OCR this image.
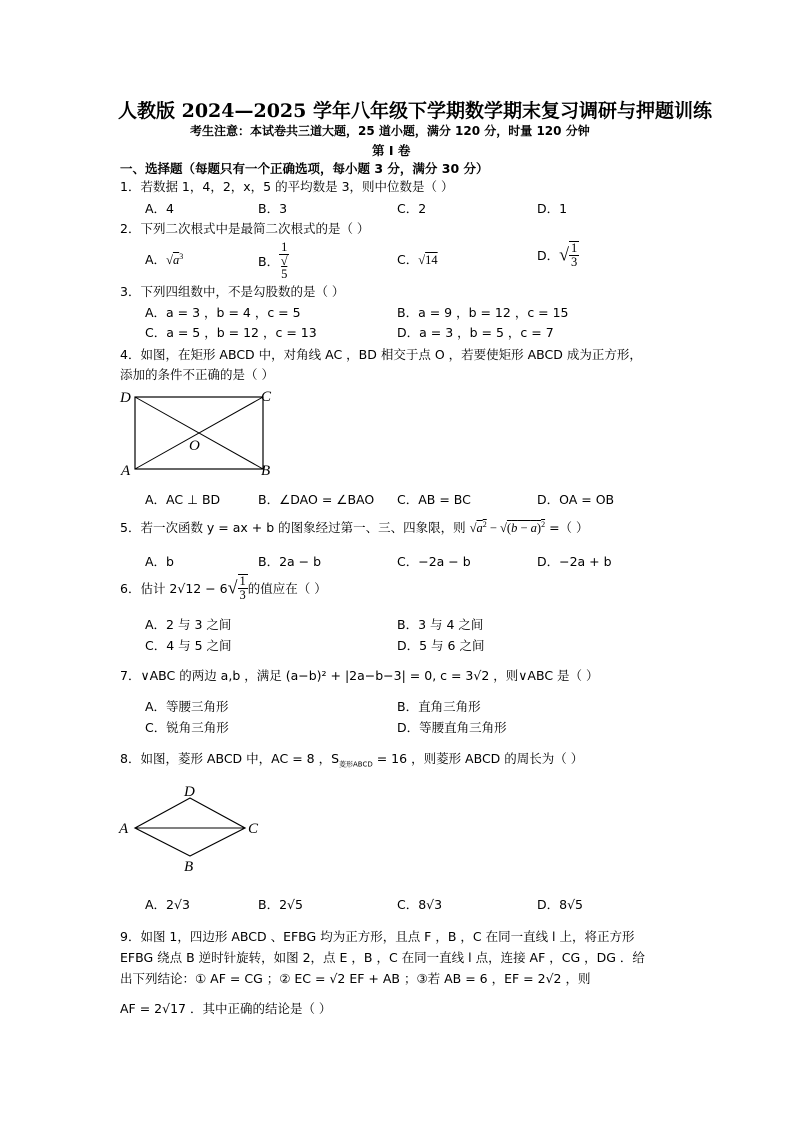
人教版 2024—2025 学年八年级下学期数学期末复习调研与押题训练
考生注意：本试卷共三道大题，25 道小题，满分 120 分，时量 120 分钟
第 I 卷
一、选择题（每题只有一个正确选项，每小题 3 分，满分 30 分）
1．若数据 1，4，2，x，5 的平均数是 3，则中位数是（ ）
A．4	B．3	C．2	D．1
2．下列二次根式中是最简二次根式的是（ ）
A．$√a^3$	B． 1
√
5	C．√14	D．√ $\frac{1}{3}$
3．下列四组数中，不是勾股数的是（ ）
A．a = 3 ，b = 4 ，c = 5	B．a = 9 ，b = 12 ，c = 15
C．a = 5 ，b = 12 ，c = 13	D．a = 3 ，b = 5 ，c = 7
4．如图，在矩形 ABCD 中，对角线 AC ，BD 相交于点 O ，若要使矩形 ABCD 成为正方形，
添加的条件不正确的是（ ）
D	C
O
A	B
A．AC ⊥ BD	B．∠DAO = ∠BAO C．AB = BC	D．OA = OB
5．若一次函数 y = ax + b 的图象经过第一、三、四象限，则 $√a^2 - √(b - a)^2$ =（ ）
A．b	B．2a − b	C．−2a − b	D．−2a + b
6．估计 $2√12 - 6√ \frac{1}{3}$ 的值应在（ ）
A．2 与 3 之间	B．3 与 4 之间
C．4 与 5 之间	D．5 与 6 之间
7．∨ABC 的两边 a,b ，满足 (a−b)² + |2a−b−3| = 0, c = 3√2 ，则∨ABC 是（ ）
A．等腰三角形	B．直角三角形
C．锐角三角形	D．等腰直角三角形
8．如图，菱形 ABCD 中，AC = 8 ，$S_{菱形ABCD} = 16$ ，则菱形 ABCD 的周长为（ ）
D
A	C
B
A．2√3	B．2√5	C．8√3	D．8√5
9．如图 1，四边形 ABCD 、EFBG 均为正方形，且点 F ，B ，C 在同一直线 l 上，将正方形
EFBG 绕点 B 逆时针旋转，如图 2，点 E ，B ，C 在同一直线 l 点，连接 AF ，CG ，DG ．给
出下列结论：① AF = CG ；② EC = √2 EF + AB ；③若 AB = 6 ，EF = 2√2 ，则
AF = 2√17 ．其中正确的结论是（ ）
